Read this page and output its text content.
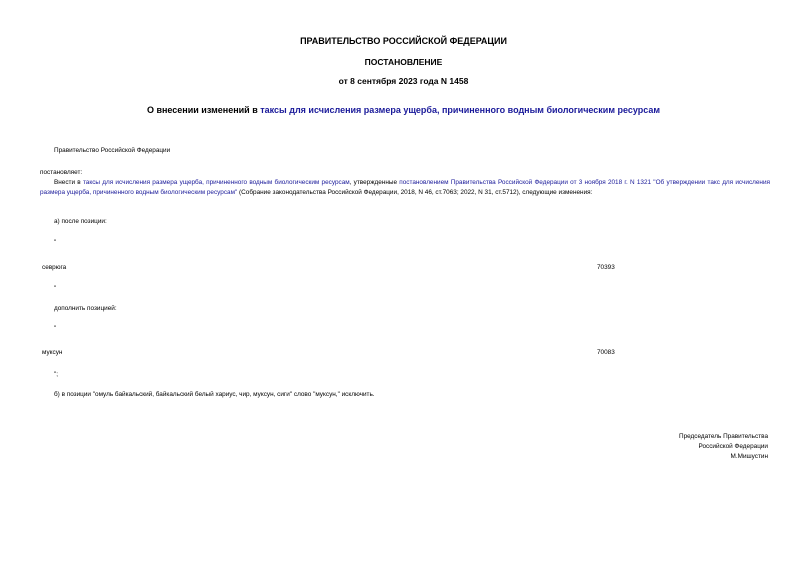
ПРАВИТЕЛЬСТВО РОССИЙСКОЙ ФЕДЕРАЦИИ
ПОСТАНОВЛЕНИЕ
от 8 сентября 2023 года N 1458
О внесении изменений в таксы для исчисления размера ущерба, причиненного водным биологическим ресурсам
Правительство Российской Федерации
постановляет:
Внести в таксы для исчисления размера ущерба, причиненного водным биологическим ресурсам, утвержденные постановлением Правительства Российской Федерации от 3 ноября 2018 г. N 1321 "Об утверждении такс для исчисления размера ущерба, причиненного водным биологическим ресурсам" (Собрание законодательства Российской Федерации, 2018, N 46, ст.7063; 2022, N 31, ст.5712), следующие изменения:
а) после позиции:
"
севрюга	70393
"
дополнить позицией:
"
муксун	70083
";
б) в позиции "омуль байкальский, байкальский белый хариус, чир, муксун, сиги" слово "муксун," исключить.
Председатель Правительства
Российской Федерации
М.Мишустин
